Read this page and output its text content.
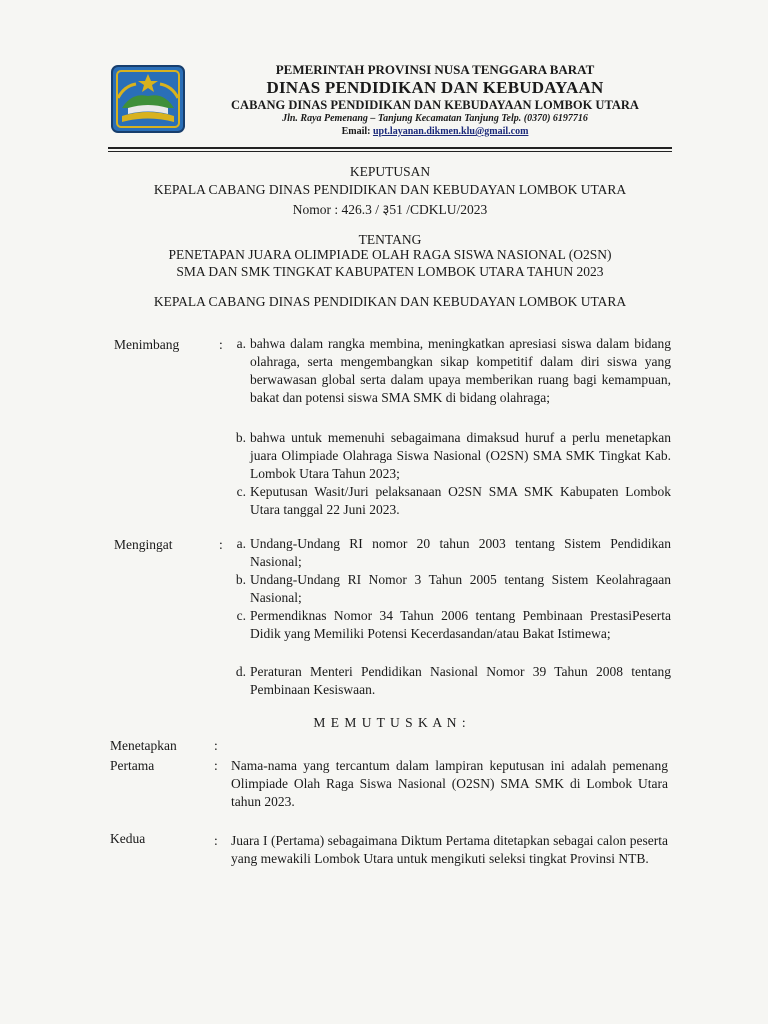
PEMERINTAH PROVINSI NUSA TENGGARA BARAT
DINAS PENDIDIKAN DAN KEBUDAYAAN
CABANG DINAS PENDIDIKAN DAN KEBUDAYAAN LOMBOK UTARA
Jln. Raya Pemenang – Tanjung Kecamatan Tanjung Telp. (0370) 6197716
Email: upt.layanan.dikmen.klu@gmail.com
KEPUTUSAN
KEPALA CABANG DINAS PENDIDIKAN DAN KEBUDAYAN LOMBOK UTARA
Nomor : 426.3 / ३51 /CDKLU/2023
TENTANG
PENETAPAN JUARA OLIMPIADE OLAH RAGA SISWA NASIONAL (O2SN)
SMA DAN SMK TINGKAT KABUPATEN LOMBOK UTARA TAHUN 2023
KEPALA CABANG DINAS PENDIDIKAN DAN KEBUDAYAN LOMBOK UTARA
Menimbang	:	a. bahwa dalam rangka membina, meningkatkan apresiasi siswa dalam bidang olahraga, serta mengembangkan sikap kompetitif dalam diri siswa yang berwawasan global serta dalam upaya memberikan ruang bagi kemampuan, bakat dan potensi siswa SMA SMK di bidang olahraga;
b. bahwa untuk memenuhi sebagaimana dimaksud huruf a perlu menetapkan juara Olimpiade Olahraga Siswa Nasional (O2SN) SMA SMK Tingkat Kab. Lombok Utara Tahun 2023;
c. Keputusan Wasit/Juri pelaksanaan O2SN SMA SMK Kabupaten Lombok Utara tanggal 22 Juni 2023.
Mengingat	:	a. Undang-Undang RI nomor 20 tahun 2003 tentang Sistem Pendidikan Nasional;
b. Undang-Undang RI Nomor 3 Tahun 2005 tentang Sistem Keolahragaan Nasional;
c. Permendiknas Nomor 34 Tahun 2006 tentang Pembinaan PrestasiPeserta Didik yang Memiliki Potensi Kecerdasandan/atau Bakat Istimewa;
d. Peraturan Menteri Pendidikan Nasional Nomor 39 Tahun 2008 tentang Pembinaan Kesiswaan.
M E M U T U S K A N :
Menetapkan	:
Pertama	: Nama-nama yang tercantum dalam lampiran keputusan ini adalah pemenang Olimpiade Olah Raga Siswa Nasional (O2SN) SMA SMK di Lombok Utara tahun 2023.
Kedua	: Juara I (Pertama) sebagaimana Diktum Pertama ditetapkan sebagai calon peserta yang mewakili Lombok Utara untuk mengikuti seleksi tingkat Provinsi NTB.
